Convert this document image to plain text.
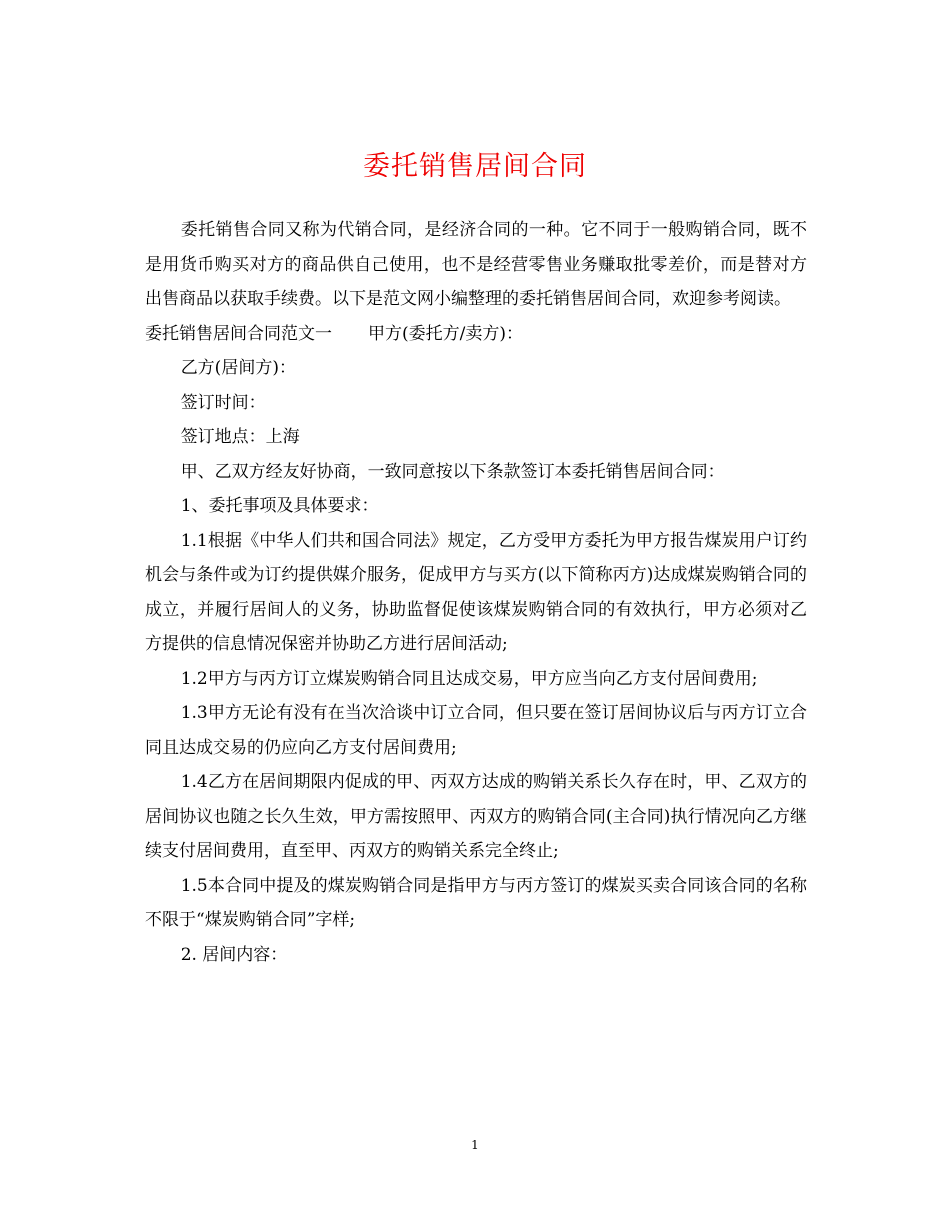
委托销售居间合同

委托销售合同又称为代销合同，是经济合同的一种。它不同于一般购销合同，既不是用货币购买对方的商品供自己使用，也不是经营零售业务赚取批零差价，而是替对方出售商品以获取手续费。以下是范文网小编整理的委托销售居间合同，欢迎参考阅读。

委托销售居间合同范文一 甲方(委托方/卖方)：

乙方(居间方)：

签订时间：

签订地点：上海

甲、乙双方经友好协商，一致同意按以下条款签订本委托销售居间合同：

1、委托事项及具体要求：

1.1根据《中华人们共和国合同法》规定，乙方受甲方委托为甲方报告煤炭用户订约机会与条件或为订约提供媒介服务，促成甲方与买方(以下简称丙方)达成煤炭购销合同的成立，并履行居间人的义务，协助监督促使该煤炭购销合同的有效执行，甲方必须对乙方提供的信息情况保密并协助乙方进行居间活动;

1.2甲方与丙方订立煤炭购销合同且达成交易，甲方应当向乙方支付居间费用;

1.3甲方无论有没有在当次洽谈中订立合同，但只要在签订居间协议后与丙方订立合同且达成交易的仍应向乙方支付居间费用;

1.4乙方在居间期限内促成的甲、丙双方达成的购销关系长久存在时，甲、乙双方的居间协议也随之长久生效，甲方需按照甲、丙双方的购销合同(主合同)执行情况向乙方继续支付居间费用，直至甲、丙双方的购销关系完全终止;

1.5本合同中提及的煤炭购销合同是指甲方与丙方签订的煤炭买卖合同该合同的名称不限于“煤炭购销合同”字样;

2. 居间内容：

1
